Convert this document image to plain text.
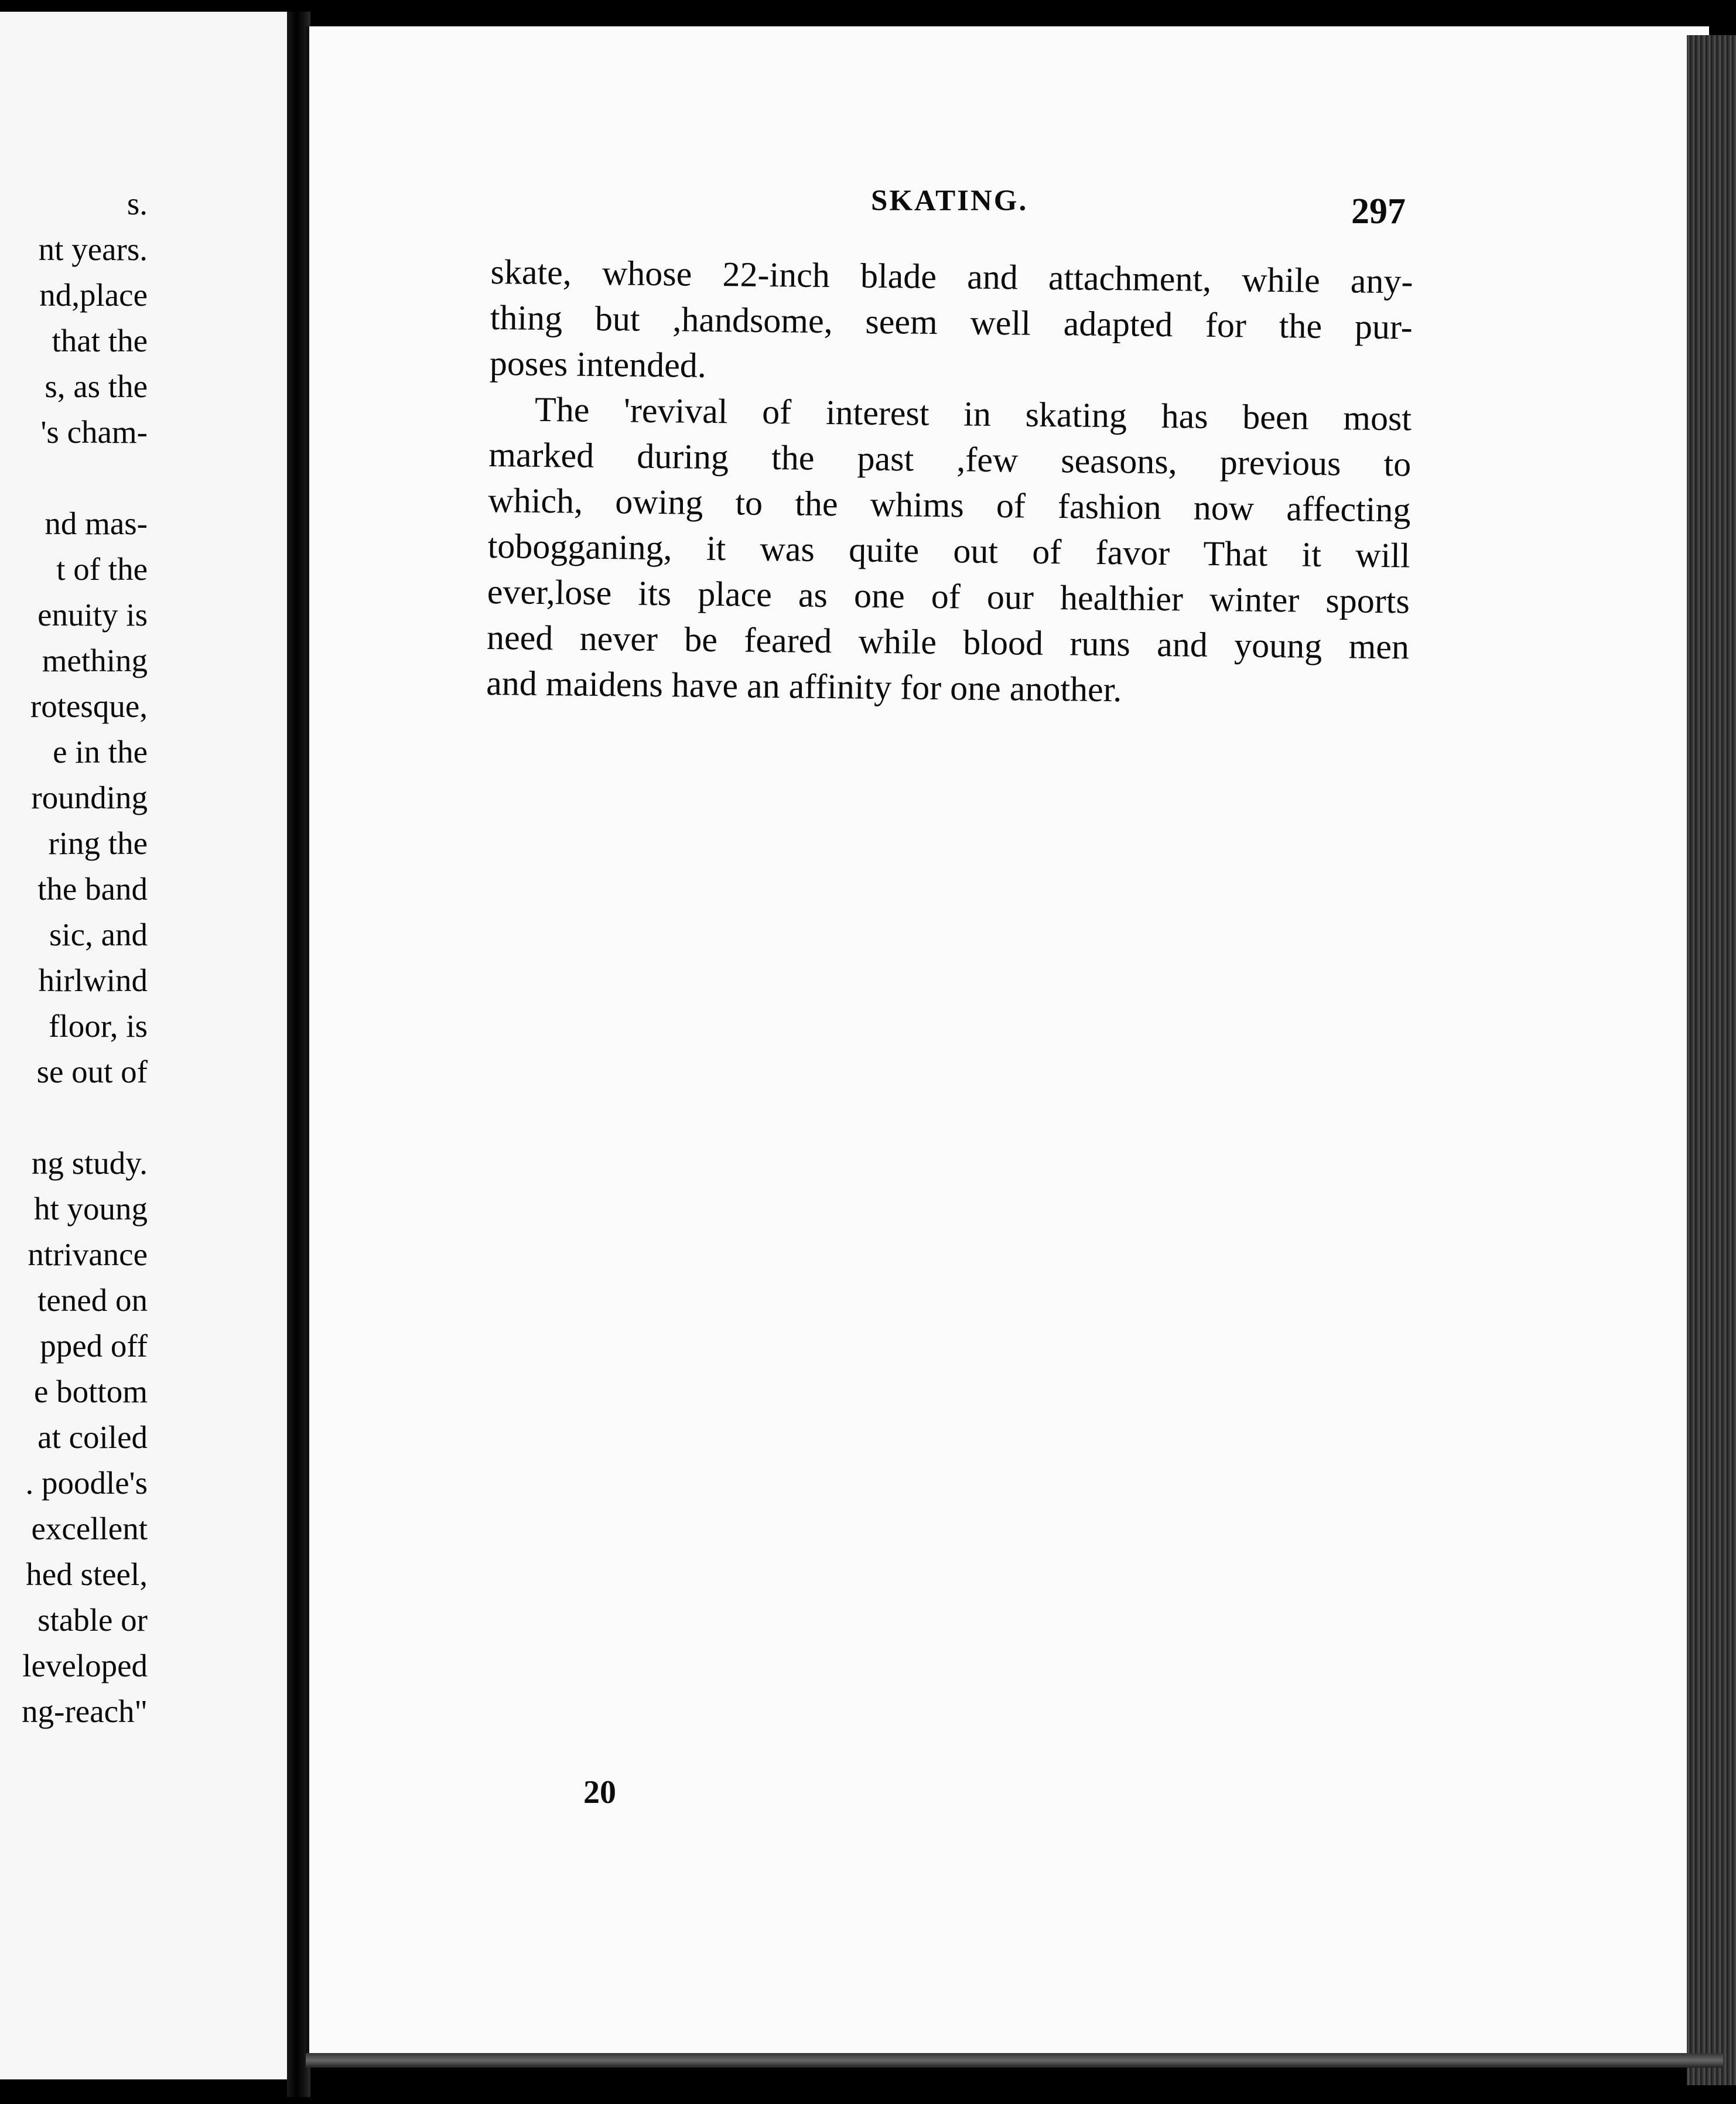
s.
nt years.
nd,place
that the
s, as the
's cham-
nd mas-
t of the
enuity is
mething
rotesque,
e in the
rounding
ring the
the band
sic, and
hirlwind
floor, is
se out of
ng study.
ht young
ntrivance
tened on
pped off
e bottom
at coiled
. poodle's
excellent
hed steel,
stable or
leveloped
ng-reach"
SKATING.	297
skate, whose 22-inch blade and attachment, while any-
thing but ,handsome, seem well adapted for the pur-
poses intended.
The 'revival of interest in skating has been most
marked during the past ,few seasons, previous to
which, owing to the whims of fashion now affecting
tobogganing, it was quite out of favor That it will
ever,lose its place as one of our healthier winter sports
need never be feared while blood runs and young men
and maidens have an affinity for one another.
20
